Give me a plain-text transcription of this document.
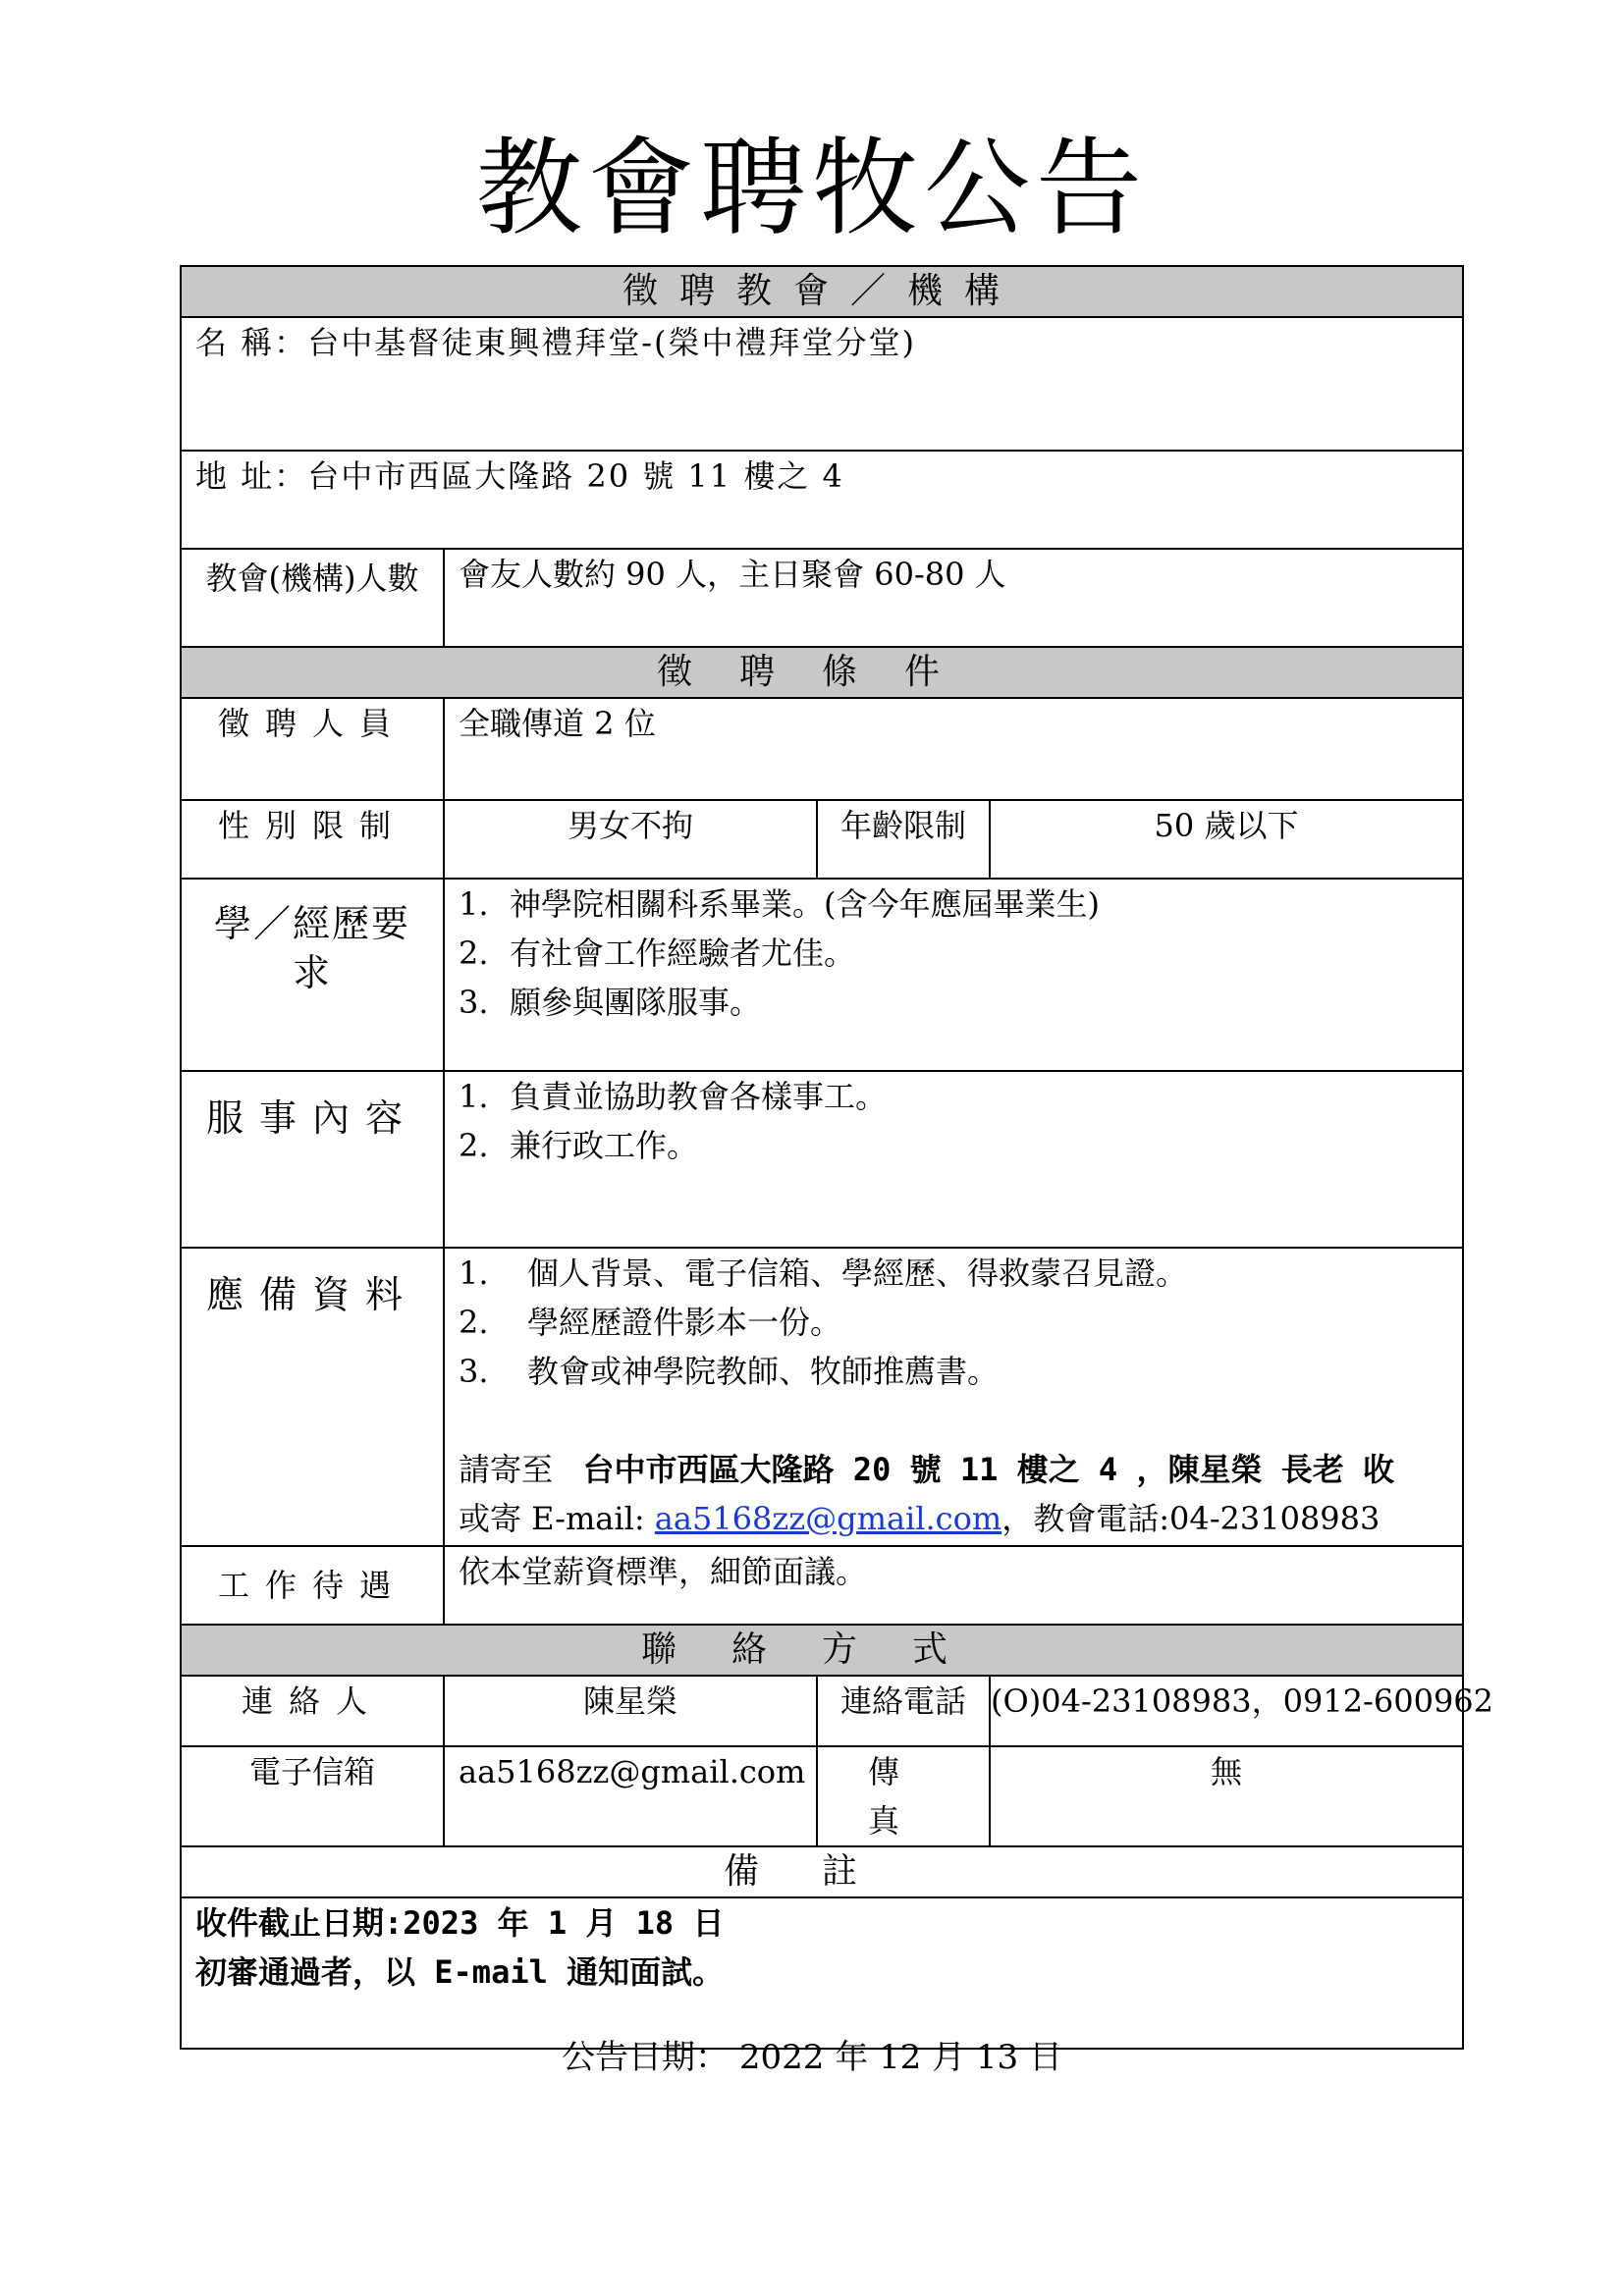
教會聘牧公告
徵聘教會／機構			
名 稱：台中基督徒東興禮拜堂-(榮中禮拜堂分堂)			
地 址：台中市西區大隆路 20 號 11 樓之 4			
教會(機構)人數	會友人數約 90 人，主日聚會 60-80 人		
徵聘條件			
徵聘人員	全職傳道 2 位		
性別限制	男女不拘	年齡限制	50 歲以下
學／經歷要求	1. 神學院相關科系畢業。(含今年應屆畢業生)
2. 有社會工作經驗者尤佳。
3. 願參與團隊服事。		

服事內容	1. 負責並協助教會各樣事工。
2. 兼行政工作。		

應備資料	1. 個人背景、電子信箱、學經歷、得救蒙召見證。
2. 學經歷證件影本一份。
3. 教會或神學院教師、牧師推薦書。
請寄至 台中市西區大隆路 20 號 11 樓之 4 ，陳星榮 長老 收
或寄 E-mail: aa5168zz@gmail.com，教會電話:04-23108983		

工作待遇	依本堂薪資標準，細節面議。		
聯絡方式			
連絡人	陳星榮	連絡電話	(O)04-23108983，0912-600962
電子信箱	aa5168zz@gmail.com	傳 真	無
備註			

收件截止日期:2023 年 1 月 18 日
初審通過者，以 E-mail 通知面試。			
公告日期： 2022 年 12 月 13 日
